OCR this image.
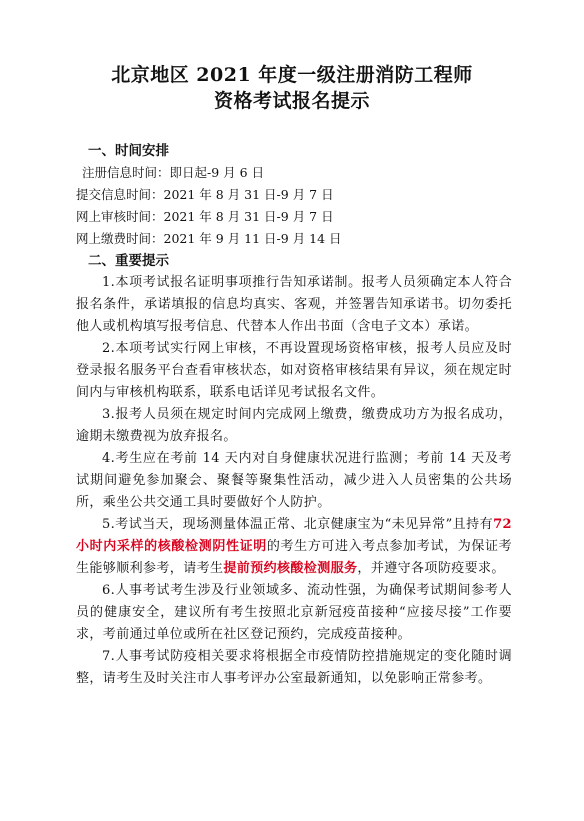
北京地区 2021 年度一级注册消防工程师
资格考试报名提示
一、时间安排
注册信息时间：即日起-9 月 6 日
提交信息时间：2021 年 8 月 31 日-9 月 7 日
网上审核时间：2021 年 8 月 31 日-9 月 7 日
网上缴费时间：2021 年 9 月 11 日-9 月 14 日
二、重要提示
1.本项考试报名证明事项推行告知承诺制。报考人员须确定本人符合报名条件，承诺填报的信息均真实、客观，并签署告知承诺书。切勿委托他人或机构填写报考信息、代替本人作出书面（含电子文本）承诺。
2.本项考试实行网上审核，不再设置现场资格审核，报考人员应及时登录报名服务平台查看审核状态，如对资格审核结果有异议，须在规定时间内与审核机构联系，联系电话详见考试报名文件。
3.报考人员须在规定时间内完成网上缴费，缴费成功方为报名成功，逾期未缴费视为放弃报名。
4.考生应在考前 14 天内对自身健康状况进行监测；考前 14 天及考试期间避免参加聚会、聚餐等聚集性活动，减少进入人员密集的公共场所，乘坐公共交通工具时要做好个人防护。
5.考试当天，现场测量体温正常、北京健康宝为“未见异常”且持有72 小时内采样的核酸检测阴性证明的考生方可进入考点参加考试，为保证考生能够顺利参考，请考生提前预约核酸检测服务，并遵守各项防疫要求。
6.人事考试考生涉及行业领域多、流动性强，为确保考试期间参考人员的健康安全，建议所有考生按照北京新冠疫苗接种“应接尽接”工作要求，考前通过单位或所在社区登记预约，完成疫苗接种。
7.人事考试防疫相关要求将根据全市疫情防控措施规定的变化随时调整，请考生及时关注市人事考评办公室最新通知，以免影响正常参考。
